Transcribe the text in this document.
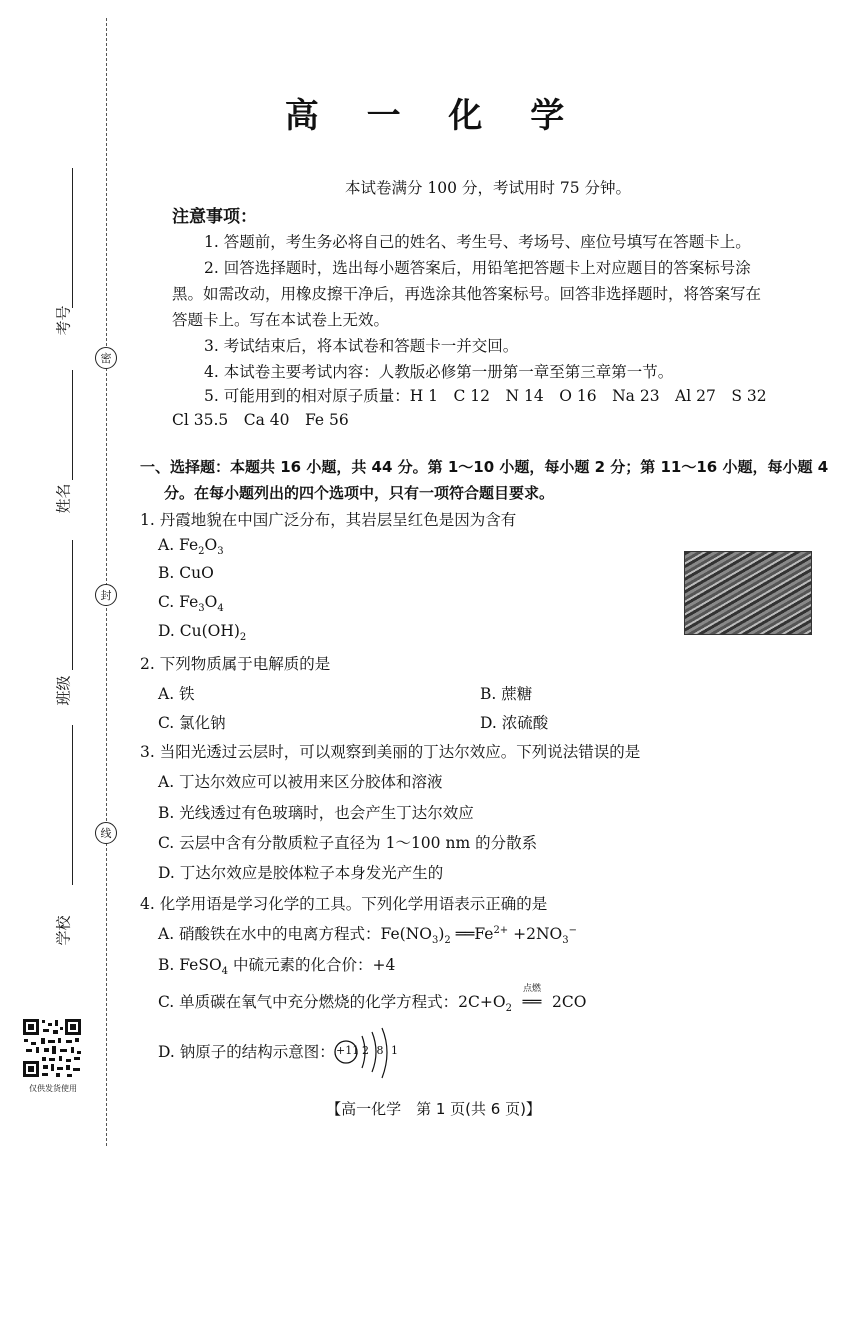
考号
姓名
班级
学校
密
封
线
高 一 化 学
本试卷满分 100 分，考试用时 75 分钟。
注意事项：
1. 答题前，考生务必将自己的姓名、考生号、考场号、座位号填写在答题卡上。
2. 回答选择题时，选出每小题答案后，用铅笔把答题卡上对应题目的答案标号涂
黑。如需改动，用橡皮擦干净后，再选涂其他答案标号。回答非选择题时，将答案写在
答题卡上。写在本试卷上无效。
3. 考试结束后，将本试卷和答题卡一并交回。
4. 本试卷主要考试内容：人教版必修第一册第一章至第三章第一节。
5. 可能用到的相对原子质量：H 1　C 12　N 14　O 16　Na 23　Al 27　S 32
Cl 35.5　Ca 40　Fe 56
一、选择题：本题共 16 小题，共 44 分。第 1～10 小题，每小题 2 分；第 11～16 小题，每小题 4
分。在每小题列出的四个选项中，只有一项符合题目要求。
1. 丹霞地貌在中国广泛分布，其岩层呈红色是因为含有
A. $Fe_2O_3$
B. CuO
C. $Fe_3O_4$
D. $Cu(OH)_2$
2. 下列物质属于电解质的是
A. 铁	B. 蔗糖
C. 氯化钠	D. 浓硫酸
3. 当阳光透过云层时，可以观察到美丽的丁达尔效应。下列说法错误的是
A. 丁达尔效应可以被用来区分胶体和溶液
B. 光线透过有色玻璃时，也会产生丁达尔效应
C. 云层中含有分散质粒子直径为 1～100 nm 的分散系
D. 丁达尔效应是胶体粒子本身发光产生的
4. 化学用语是学习化学的工具。下列化学用语表示正确的是
A. 硝酸铁在水中的电离方程式：$Fe(NO_3)_2$ $══Fe^{2+} +2NO_3^-$
B. FeSO$_4$ 中硫元素的化合价：+4
C. 单质碳在氧气中充分燃烧的化学方程式：$2C+O_2$
点燃
══ 2CO
D. 钠原子的结构示意图： +11 2 8 1
仅供发货使用
【高一化学　第 1 页(共 6 页)】
